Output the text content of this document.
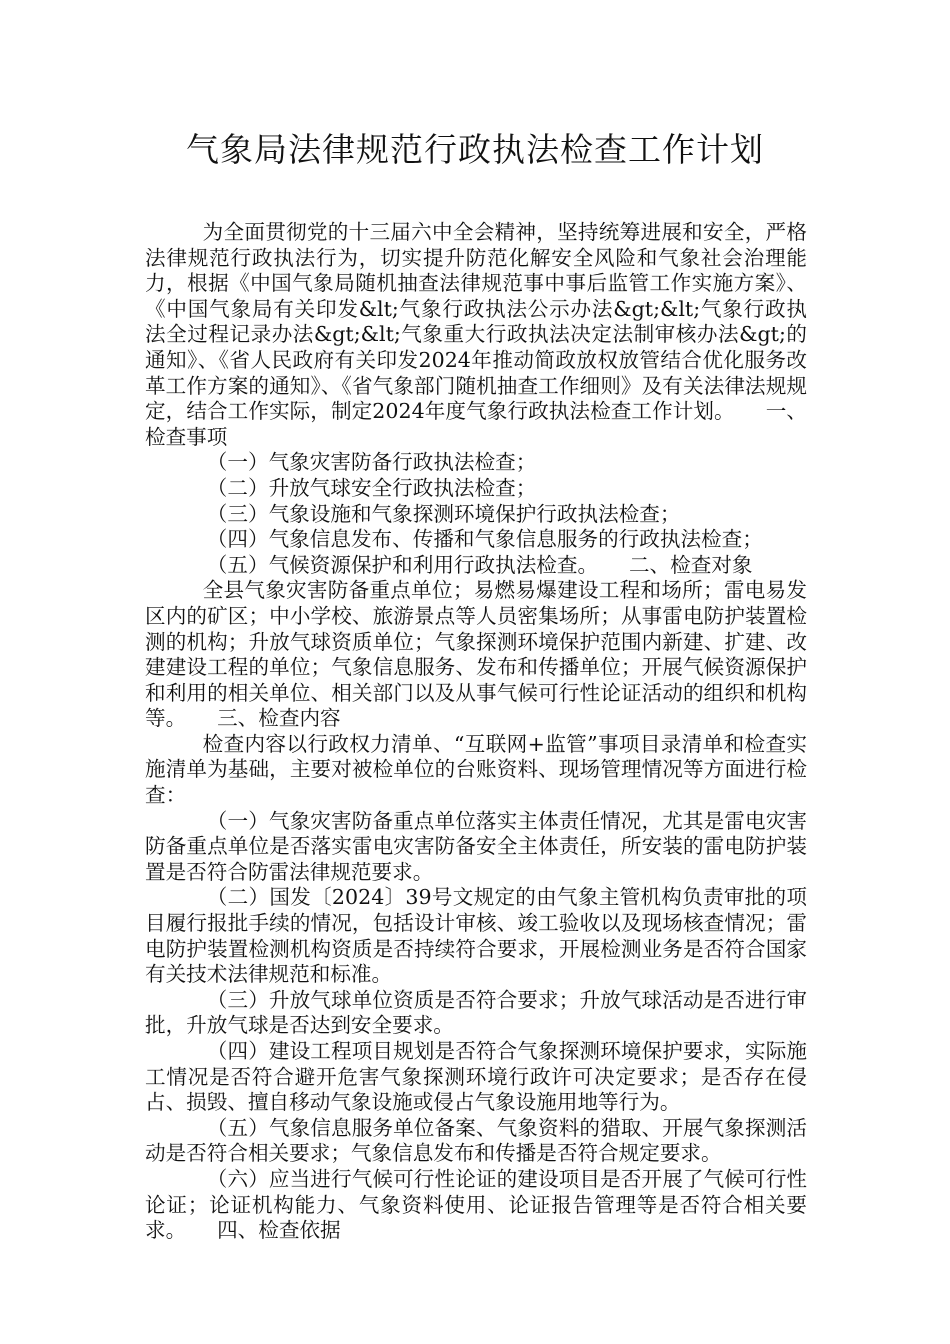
气象局法律规范行政执法检查工作计划

为全面贯彻党的十三届六中全会精神，坚持统筹进展和安全，严格法律规范行政执法行为，切实提升防范化解安全风险和气象社会治理能力，根据《中国气象局随机抽查法律规范事中事后监管工作实施方案》、《中国气象局有关印发&lt;气象行政执法公示办法&gt;&lt;气象行政执法全过程记录办法&gt;&lt;气象重大行政执法决定法制审核办法&gt;的通知》、《省人民政府有关印发2024年推动简政放权放管结合优化服务改革工作方案的通知》、《省气象部门随机抽查工作细则》及有关法律法规规定，结合工作实际，制定2024年度气象行政执法检查工作计划。　　一、检查事项

（一）气象灾害防备行政执法检查；

（二）升放气球安全行政执法检查；

（三）气象设施和气象探测环境保护行政执法检查；

（四）气象信息发布、传播和气象信息服务的行政执法检查；

（五）气候资源保护和利用行政执法检查。　　二、检查对象

全县气象灾害防备重点单位；易燃易爆建设工程和场所；雷电易发区内的矿区；中小学校、旅游景点等人员密集场所；从事雷电防护装置检测的机构；升放气球资质单位；气象探测环境保护范围内新建、扩建、改建建设工程的单位；气象信息服务、发布和传播单位；开展气候资源保护和利用的相关单位、相关部门以及从事气候可行性论证活动的组织和机构等。　　三、检查内容

检查内容以行政权力清单、“互联网+监管”事项目录清单和检查实施清单为基础，主要对被检单位的台账资料、现场管理情况等方面进行检查：

（一）气象灾害防备重点单位落实主体责任情况，尤其是雷电灾害防备重点单位是否落实雷电灾害防备安全主体责任，所安装的雷电防护装置是否符合防雷法律规范要求。

（二）国发〔2024〕39号文规定的由气象主管机构负责审批的项目履行报批手续的情况，包括设计审核、竣工验收以及现场核查情况；雷电防护装置检测机构资质是否持续符合要求，开展检测业务是否符合国家有关技术法律规范和标准。

（三）升放气球单位资质是否符合要求；升放气球活动是否进行审批，升放气球是否达到安全要求。

（四）建设工程项目规划是否符合气象探测环境保护要求，实际施工情况是否符合避开危害气象探测环境行政许可决定要求；是否存在侵占、损毁、擅自移动气象设施或侵占气象设施用地等行为。

（五）气象信息服务单位备案、气象资料的猎取、开展气象探测活动是否符合相关要求；气象信息发布和传播是否符合规定要求。

（六）应当进行气候可行性论证的建设项目是否开展了气候可行性论证；论证机构能力、气象资料使用、论证报告管理等是否符合相关要求。　　四、检查依据
